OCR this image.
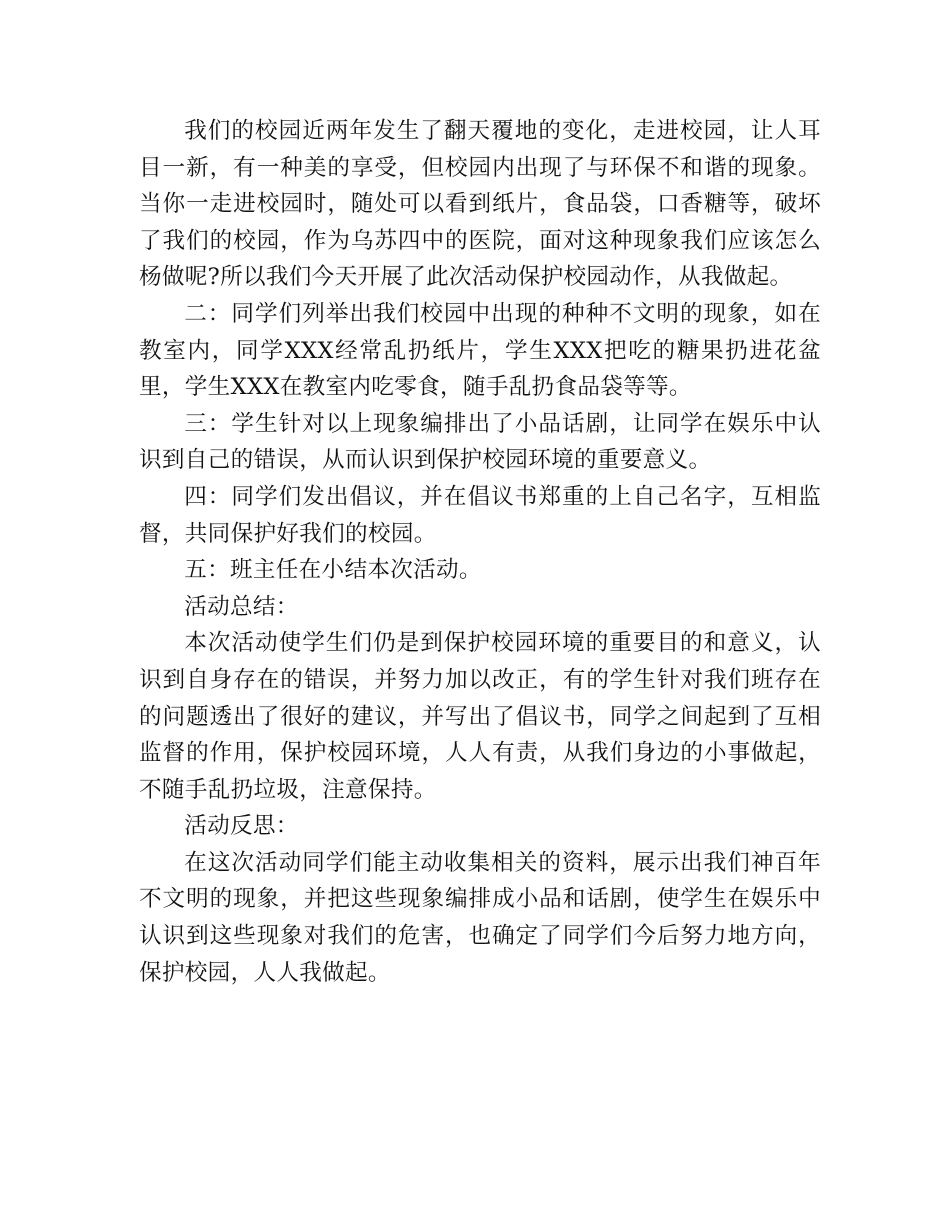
我们的校园近两年发生了翻天覆地的变化，走进校园，让人耳目一新，有一种美的享受，但校园内出现了与环保不和谐的现象。当你一走进校园时，随处可以看到纸片，食品袋，口香糖等，破坏了我们的校园，作为乌苏四中的医院，面对这种现象我们应该怎么杨做呢?所以我们今天开展了此次活动保护校园动作，从我做起。

二：同学们列举出我们校园中出现的种种不文明的现象，如在教室内，同学XXX经常乱扔纸片，学生XXX把吃的糖果扔进花盆里，学生XXX在教室内吃零食，随手乱扔食品袋等等。

三：学生针对以上现象编排出了小品话剧，让同学在娱乐中认识到自己的错误，从而认识到保护校园环境的重要意义。

四：同学们发出倡议，并在倡议书郑重的上自己名字，互相监督，共同保护好我们的校园。

五：班主任在小结本次活动。

活动总结：

本次活动使学生们仍是到保护校园环境的重要目的和意义，认识到自身存在的错误，并努力加以改正，有的学生针对我们班存在的问题透出了很好的建议，并写出了倡议书，同学之间起到了互相监督的作用，保护校园环境，人人有责，从我们身边的小事做起，不随手乱扔垃圾，注意保持。

活动反思：

在这次活动同学们能主动收集相关的资料，展示出我们神百年不文明的现象，并把这些现象编排成小品和话剧，使学生在娱乐中认识到这些现象对我们的危害，也确定了同学们今后努力地方向，保护校园，人人我做起。
